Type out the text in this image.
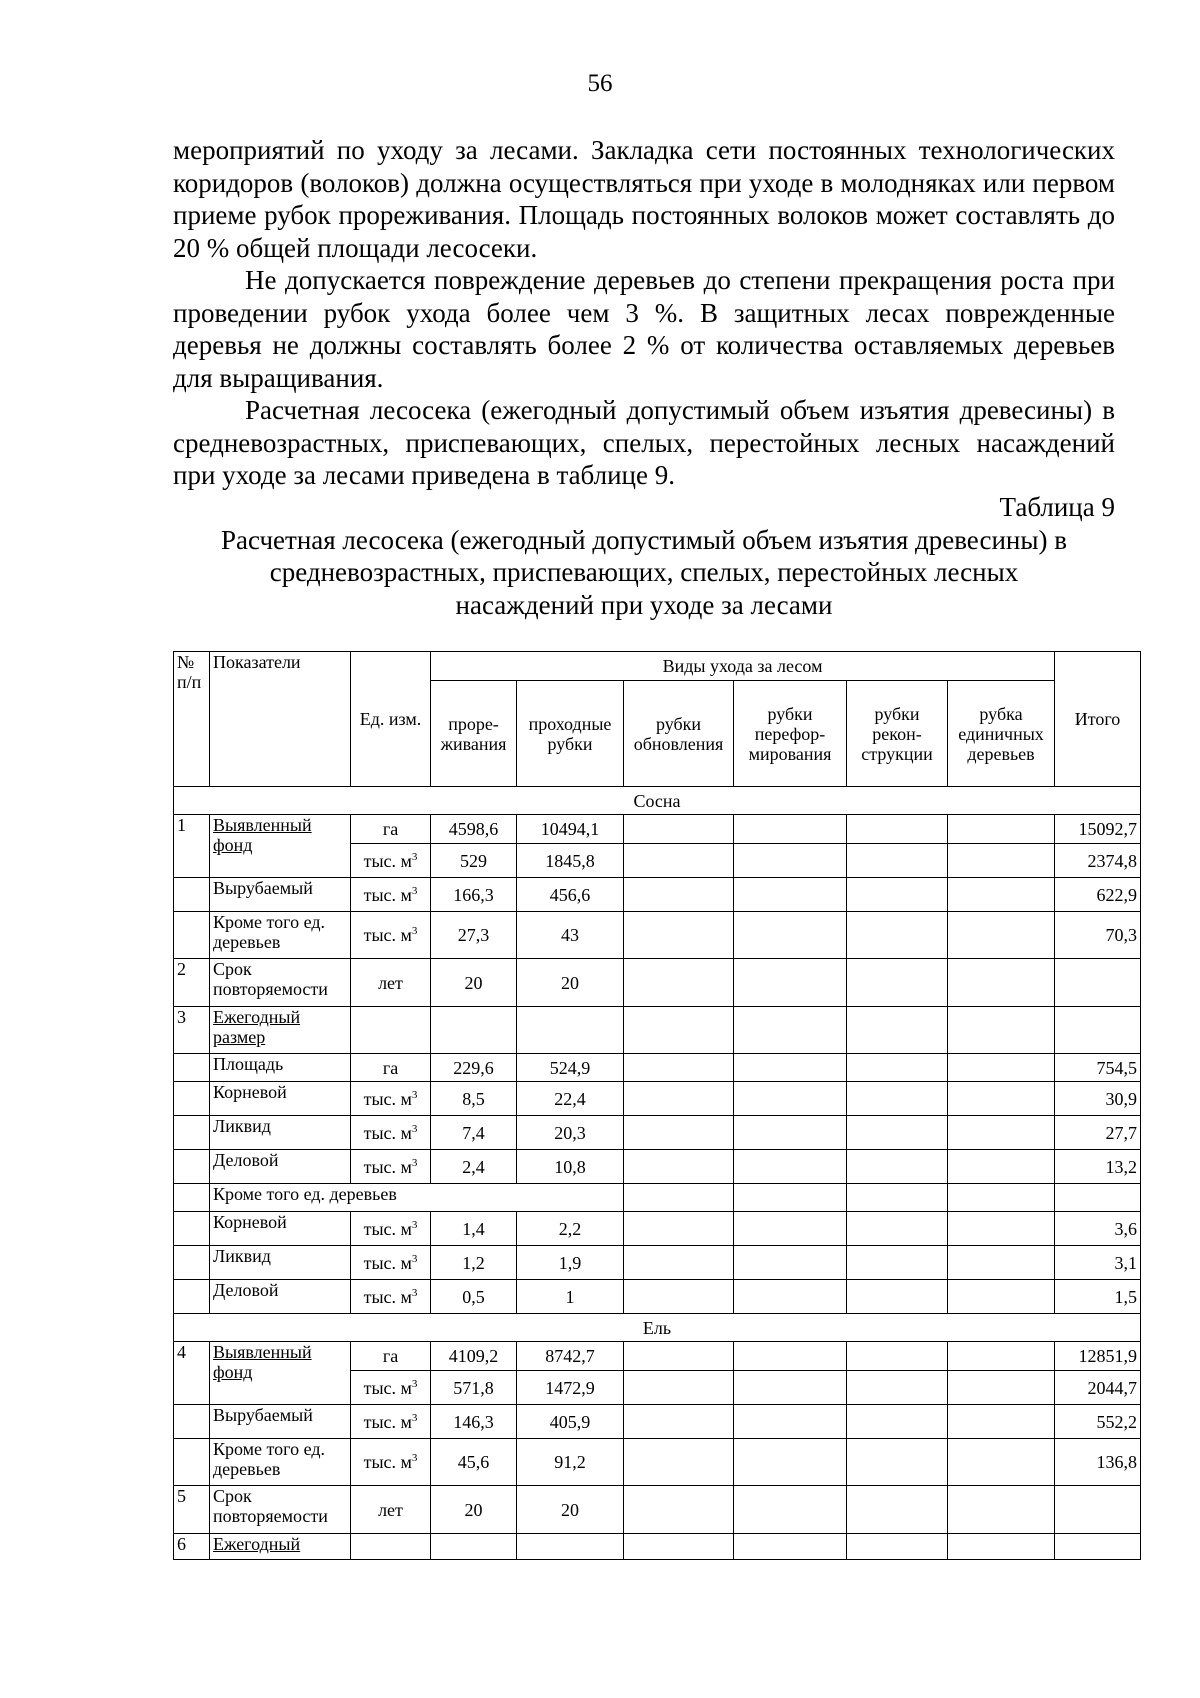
56

мероприятий по уходу за лесами. Закладка сети постоянных технологических коридоров (волоков) должна осуществляться при уходе в молодняках или первом приеме рубок прореживания. Площадь постоянных волоков может составлять до 20 % общей площади лесосеки.

Не допускается повреждение деревьев до степени прекращения роста при проведении рубок ухода более чем 3 %. В защитных лесах поврежденные деревья не должны составлять более 2 % от количества оставляемых деревьев для выращивания.

Расчетная лесосека (ежегодный допустимый объем изъятия древесины) в средневозрастных, приспевающих, спелых, перестойных лесных насаждений при уходе за лесами приведена в таблице 9.

Таблица 9
Расчетная лесосека (ежегодный допустимый объем изъятия древесины) в средневозрастных, приспевающих, спелых, перестойных лесных насаждений при уходе за лесами
№ п/п	Показатели	Ед. изм.	Виды ухода за лесом						Итого
			проре- живания	проходные рубки	рубки обновления	рубки перефор- мирования	рубки рекон- струкции	рубка единичных деревьев	
Сосна									
1	Выявленный фонд	га	4598,6	10494,1					15092,7
		тыс. $м^3$	529	1845,8					2374,8
	Вырубаемый	тыс. $м^3$	166,3	456,6					622,9
	Кроме того ед. деревьев	тыс. $м^3$	27,3	43					70,3
2	Срок повторяемости	лет	20	20					
3	Ежегодный размер								
	Площадь	га	229,6	524,9					754,5
	Корневой	тыс. $м^3$	8,5	22,4					30,9
	Ликвид	тыс. $м^3$	7,4	20,3					27,7
	Деловой	тыс. $м^3$	2,4	10,8					13,2
	Кроме того ед. деревьев								
	Корневой	тыс. $м^3$	1,4	2,2					3,6
	Ликвид	тыс. $м^3$	1,2	1,9					3,1
	Деловой	тыс. $м^3$	0,5	1					1,5
Ель									
4	Выявленный фонд	га	4109,2	8742,7					12851,9
		тыс. $м^3$	571,8	1472,9					2044,7
	Вырубаемый	тыс. $м^3$	146,3	405,9					552,2
	Кроме того ед. деревьев	тыс. $м^3$	45,6	91,2					136,8
5	Срок повторяемости	лет	20	20					
6	Ежегодный								
